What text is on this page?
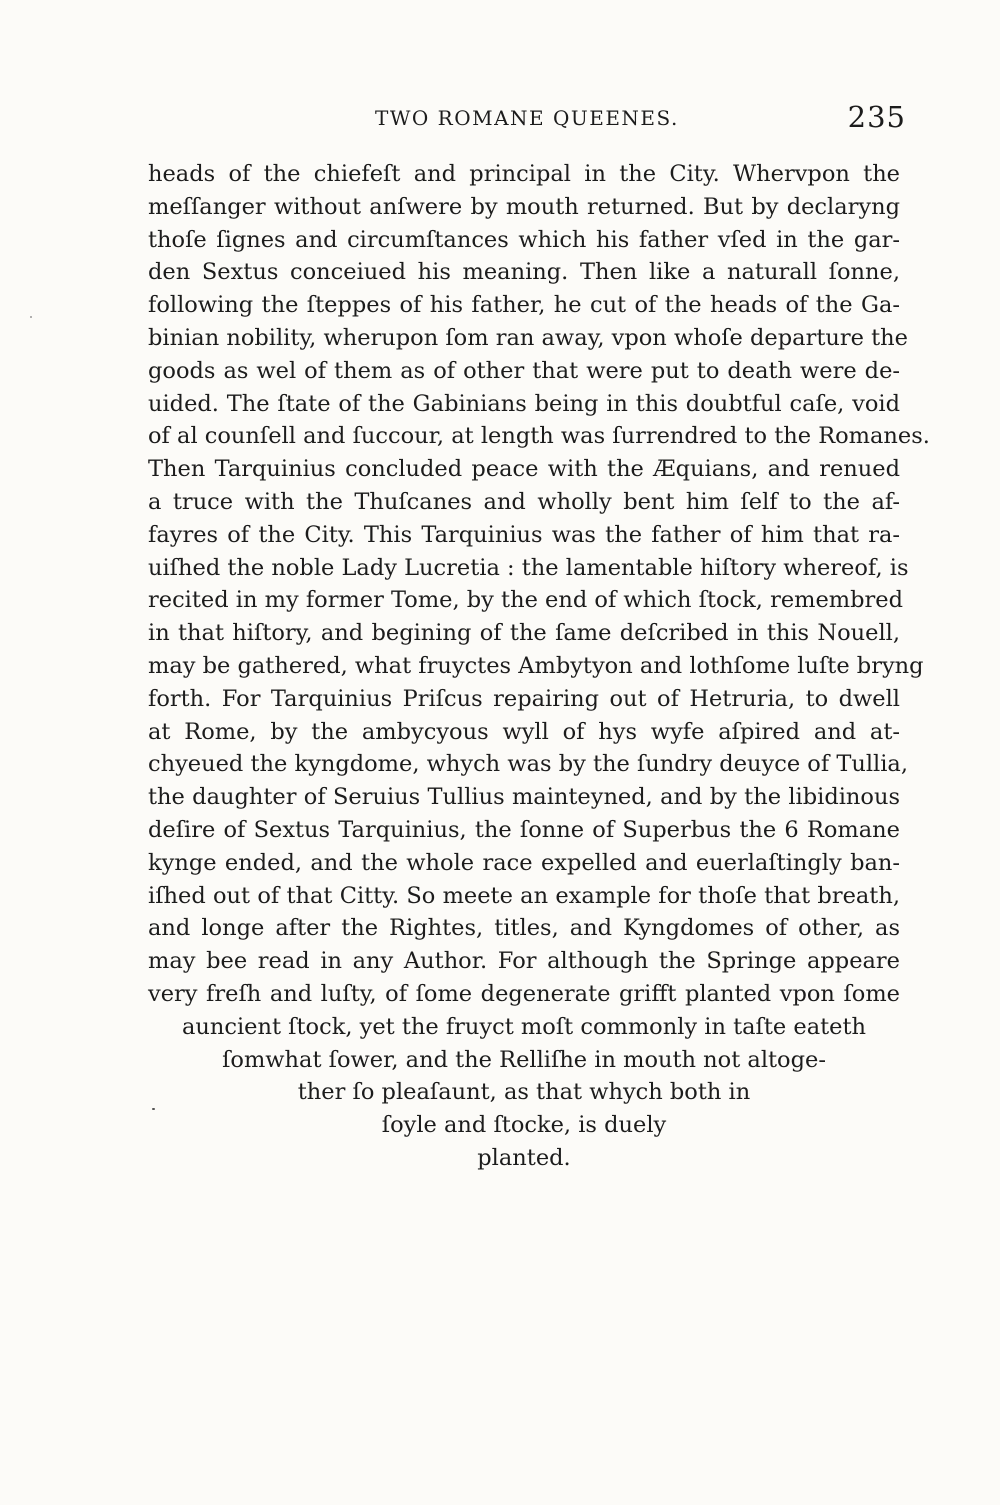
TWO ROMANE QUEENES.	235
heads of the chiefeſt and principal in the City. Whervpon the
meſſanger without anſwere by mouth returned. But by declaryng
thoſe ſignes and circumſtances which his father vſed in the gar-
den Sextus conceiued his meaning. Then like a naturall ſonne,
following the ſteppes of his father, he cut of the heads of the Ga-
binian nobility, wherupon ſom ran away, vpon whoſe departure the
goods as wel of them as of other that were put to death were de-
uided. The ſtate of the Gabinians being in this doubtful caſe, void
of al counſell and ſuccour, at length was ſurrendred to the Romanes.
Then Tarquinius concluded peace with the Æquians, and renued
a truce with the Thuſcanes and wholly bent him ſelf to the af-
fayres of the City. This Tarquinius was the father of him that ra-
uiſhed the noble Lady Lucretia : the lamentable hiſtory whereof, is
recited in my former Tome, by the end of which ſtock, remembred
in that hiſtory, and begining of the ſame deſcribed in this Nouell,
may be gathered, what fruyctes Ambytyon and lothſome luſte bryng
forth. For Tarquinius Priſcus repairing out of Hetruria, to dwell
at Rome, by the ambycyous wyll of hys wyfe aſpired and at-
chyeued the kyngdome, whych was by the ſundry deuyce of Tullia,
the daughter of Seruius Tullius mainteyned, and by the libidinous
deſire of Sextus Tarquinius, the ſonne of Superbus the 6 Romane
kynge ended, and the whole race expelled and euerlaſtingly ban-
iſhed out of that Citty. So meete an example for thoſe that breath,
and longe after the Rightes, titles, and Kyngdomes of other, as
may bee read in any Author. For although the Springe appeare
very freſh and luſty, of ſome degenerate grifft planted vpon ſome
auncient ſtock, yet the fruyct moſt commonly in taſte eateth
ſomwhat ſower, and the Relliſhe in mouth not altoge-
ther ſo pleaſaunt, as that whych both in
ſoyle and ſtocke, is duely
planted.
